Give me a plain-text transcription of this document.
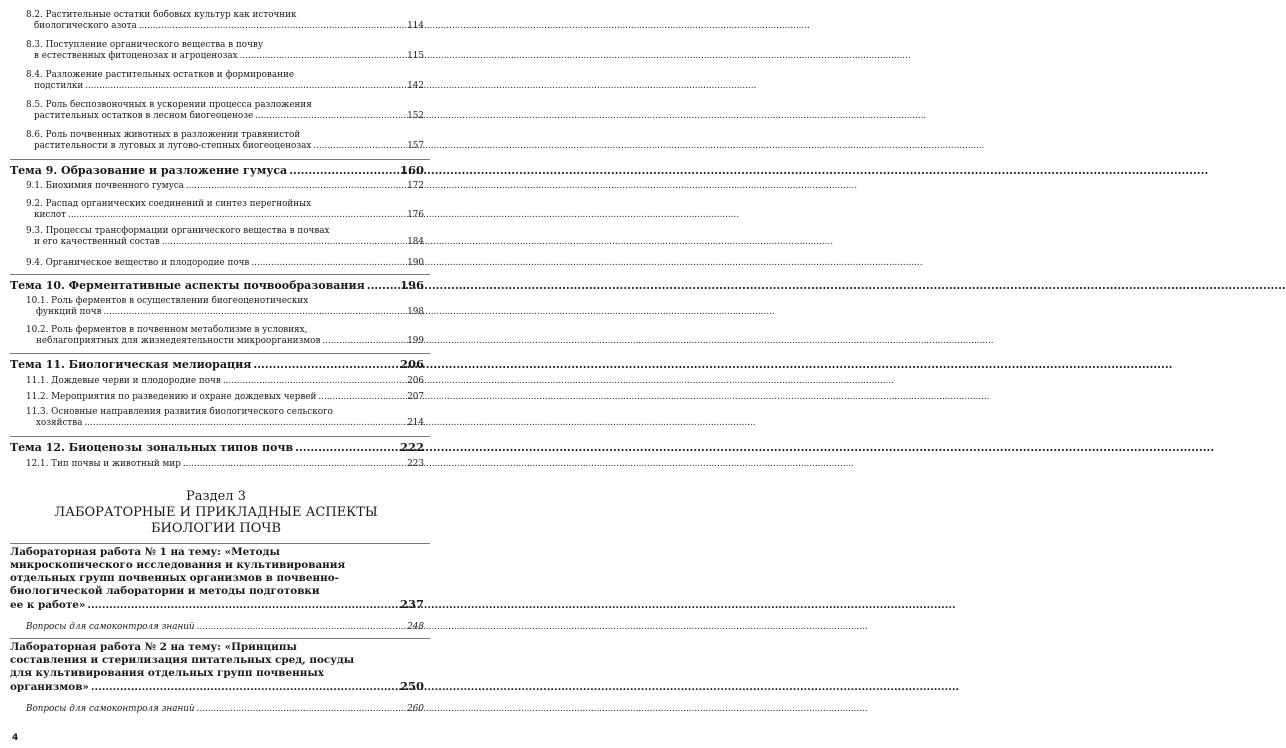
8.2. Растительные остатки бобовых культур как источник
биологического азота .....	114
8.3. Поступление органического вещества в почву
в естественных фитоценозах и агроценозах .....	115
8.4. Разложение растительных остатков и формирование
подстилки .....	142
8.5. Роль беспозвоночных в ускорении процесса разложения
растительных остатков в лесном биогеоценозе .....	152
8.6. Роль почвенных животных в разложении травянистой
растительности в луговых и лугово-степных биогеоценозах .....	157
Тема 9. Образование и разложение гумуса .....	160
9.1. Биохимия почвенного гумуса .....	172
9.2. Распад органических соединений и синтез перегнойных
кислот .....	176
9.3. Процессы трансформации органического вещества в почвах
и его качественный состав .....	184
9.4. Органическое вещество и плодородие почв .....	190
Тема 10. Ферментативные аспекты почвообразования .....	196
10.1. Роль ферментов в осуществлении биогеоценотических
функций почв .....	198
10.2. Роль ферментов в почвенном метаболизме в условиях,
неблагоприятных для жизнедеятельности микроорганизмов .....	199
Тема 11. Биологическая мелиорация .....	206
11.1. Дождевые черви и плодородие почв .....	206
11.2. Мероприятия по разведению и охране дождевых червей .....	207
11.3. Основные направления развития биологического сельского
хозяйства .....	214
Тема 12. Биоценозы зональных типов почв .....	222
12.1. Тип почвы и животный мир .....	223
Раздел 3
ЛАБОРАТОРНЫЕ И ПРИКЛАДНЫЕ АСПЕКТЫ
БИОЛОГИИ ПОЧВ
Лабораторная работа № 1 на тему: «Методы
микроскопического исследования и культивирования
отдельных групп почвенных организмов в почвенно-
биологической лаборатории и методы подготовки
ее к работе» .....	237
Вопросы для самоконтроля знаний .....	248
Лабораторная работа № 2 на тему: «Принципы
составления и стерилизация питательных сред, посуды
для культивирования отдельных групп почвенных
организмов» .....	250
Вопросы для самоконтроля знаний .....	260
4
